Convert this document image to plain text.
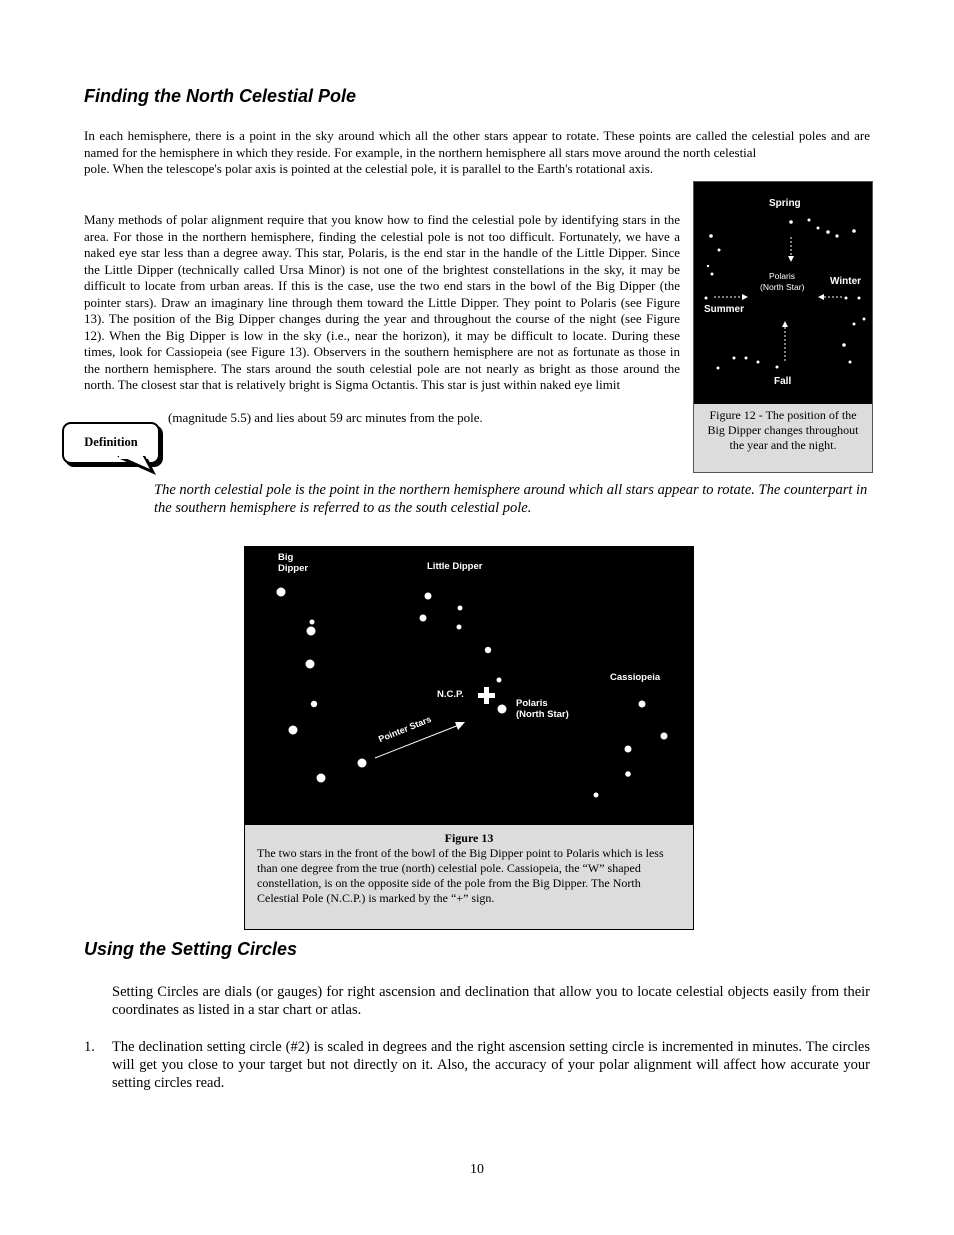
Finding the North Celestial Pole

In each hemisphere, there is a point in the sky around which all the other stars appear to rotate. These points are called the celestial poles and are named for the hemisphere in which they reside. For example, in the northern hemisphere all stars move around the north celestial

pole. When the telescope's polar axis is pointed at the celestial pole, it is parallel to the Earth's rotational axis.

Many methods of polar alignment require that you know how to find the celestial pole by identifying stars in the area. For those in the northern hemisphere, finding the celestial pole is not too difficult. Fortunately, we have a naked eye star less than a degree away. This star, Polaris, is the end star in the handle of the Little Dipper. Since the Little Dipper (technically called Ursa Minor) is not one of the brightest constellations in the sky, it may be difficult to locate from urban areas. If this is the case, use the two end stars in the bowl of the Big Dipper (the pointer stars). Draw an imaginary line through them toward the Little Dipper. They point to Polaris (see Figure 13). The position of the Big Dipper changes during the year and throughout the course of the night (see Figure 12). When the Big Dipper is low in the sky (i.e., near the horizon), it may be difficult to locate. During these times, look for Cassiopeia (see Figure 13). Observers in the southern hemisphere are not as fortunate as those in the northern hemisphere. The stars around the south celestial pole are not nearly as bright as those around the north. The closest star that is relatively bright is Sigma Octantis. This star is just within naked eye limit

(magnitude 5.5) and lies about 59 arc minutes from the pole.

Definition

The north celestial pole is the point in the northern hemisphere around which all stars appear to rotate. The counterpart in the southern hemisphere is referred to as the south celestial pole.

Spring
Winter
Summer
Fall
Polaris
(North Star)
Figure 12 - The position of the Big Dipper changes throughout the year and the night.
Big
Dipper	Little Dipper
N.C.P.
Polaris
(North Star)
Cassiopeia
Pointer Stars
Figure 13
The two stars in the front of the bowl of the Big Dipper point to Polaris which is less than one degree from the true (north) celestial pole. Cassiopeia, the “W” shaped constellation, is on the opposite side of the pole from the Big Dipper. The North Celestial Pole (N.C.P.) is marked by the “+” sign.
Using the Setting Circles

Setting Circles are dials (or gauges) for right ascension and declination that allow you to locate celestial objects easily from their coordinates as listed in a star chart or atlas.

1. The declination setting circle (#2) is scaled in degrees and the right ascension setting circle is incremented in minutes. The circles will get you close to your target but not directly on it. Also, the accuracy of your polar alignment will affect how accurate your setting circles read.

10
